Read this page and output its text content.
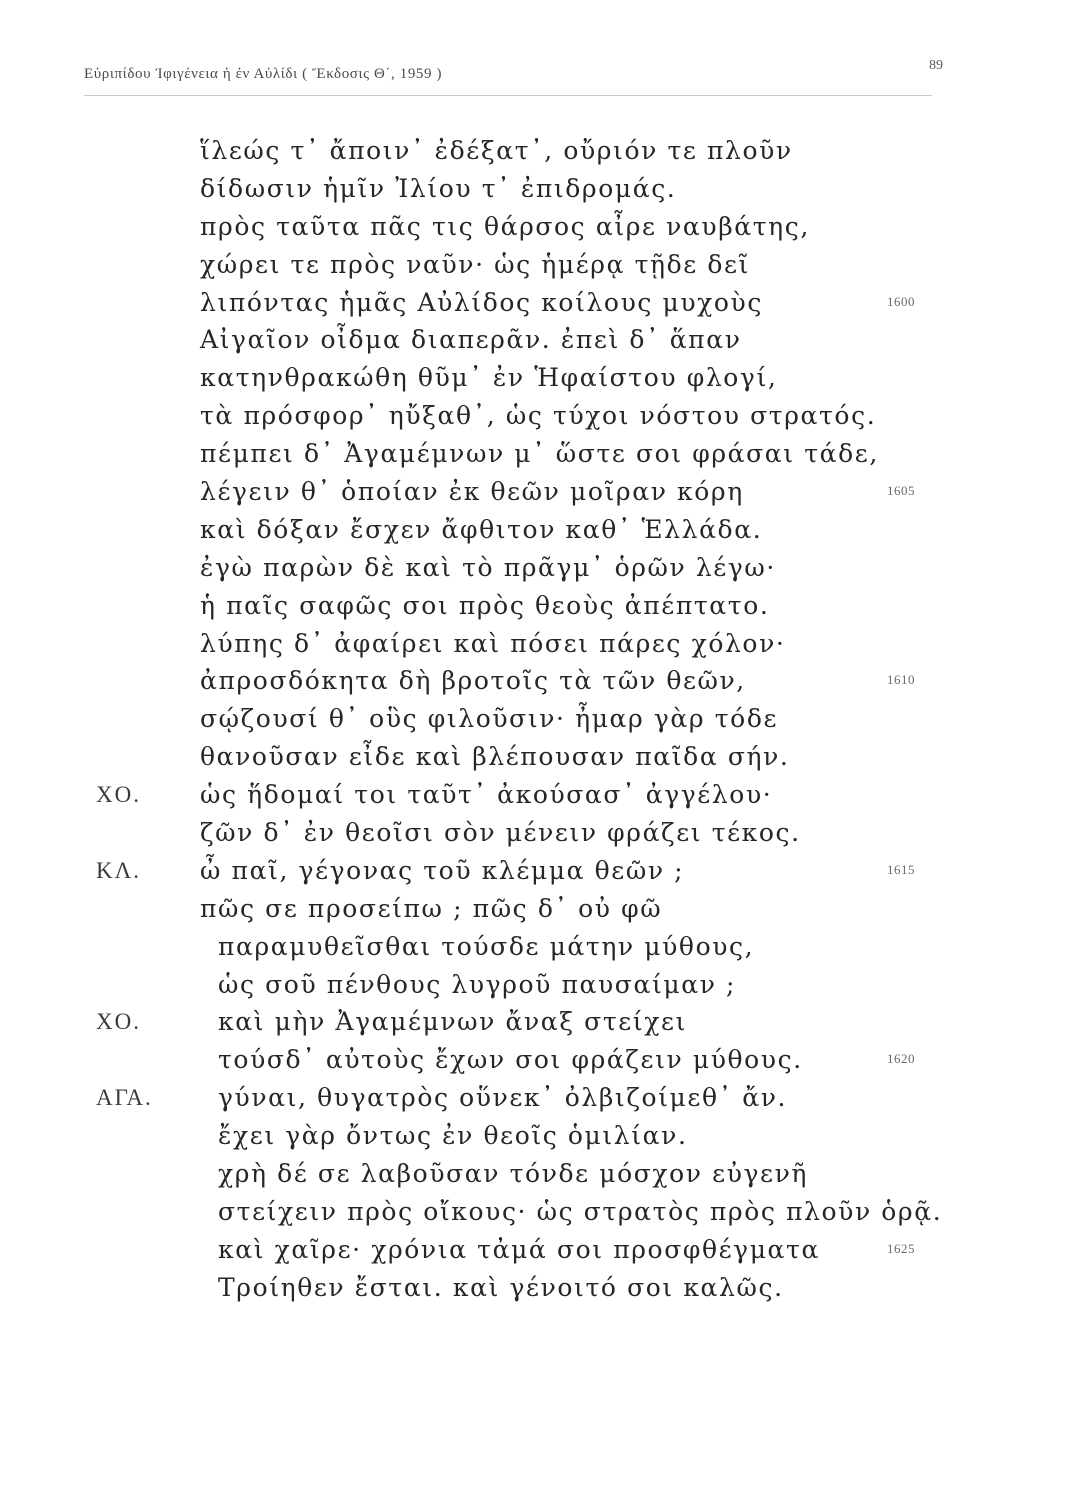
Εὐριπίδου Ἰφιγένεια ἡ ἐν Αὐλίδι ( Ἔκδοσις Θ΄, 1959 )
89
ἵλεώς τ᾽ ἄποιν᾽ ἐδέξατ᾽, οὔριόν τε πλοῦν
δίδωσιν ἡμῖν Ἰλίου τ᾽ ἐπιδρομάς.
πρὸς ταῦτα πᾶς τις θάρσος αἶρε ναυβάτης,
χώρει τε πρὸς ναῦν· ὡς ἡμέρᾳ τῇδε δεῖ
λιπόντας ἡμᾶς Αὐλίδος κοίλους μυχοὺς	1600
Αἰγαῖον οἶδμα διαπερᾶν. ἐπεὶ δ᾽ ἅπαν
κατηνθρακώθη θῦμ᾽ ἐν Ἡφαίστου φλογί,
τὰ πρόσφορ᾽ ηὔξαθ᾽, ὡς τύχοι νόστου στρατός.
πέμπει δ᾽ Ἀγαμέμνων μ᾽ ὥστε σοι φράσαι τάδε,
λέγειν θ᾽ ὁποίαν ἐκ θεῶν μοῖραν κόρη	1605
καὶ δόξαν ἔσχεν ἄφθιτον καθ᾽ Ἑλλάδα.
ἐγὼ παρὼν δὲ καὶ τὸ πρᾶγμ᾽ ὁρῶν λέγω·
ἡ παῖς σαφῶς σοι πρὸς θεοὺς ἀπέπτατο.
λύπης δ᾽ ἀφαίρει καὶ πόσει πάρες χόλον·
ἀπροσδόκητα δὴ βροτοῖς τὰ τῶν θεῶν,	1610
σῴζουσί θ᾽ οὓς φιλοῦσιν· ἦμαρ γὰρ τόδε
θανοῦσαν εἶδε καὶ βλέπουσαν παῖδα σήν.
ΧΟ. ὡς ἥδομαί τοι ταῦτ᾽ ἀκούσασ᾽ ἀγγέλου·
ζῶν δ᾽ ἐν θεοῖσι σὸν μένειν φράζει τέκος.
ΚΛ. ὦ παῖ, γέγονας τοῦ κλέμμα θεῶν ;	1615
πῶς σε προσείπω ; πῶς δ᾽ οὐ φῶ
παραμυθεῖσθαι τούσδε μάτην μύθους,
ὡς σοῦ πένθους λυγροῦ παυσαίμαν ;
ΧΟ.	καὶ μὴν Ἀγαμέμνων ἄναξ στείχει
τούσδ᾽ αὐτοὺς ἔχων σοι φράζειν μύθους.	1620
ΑΓΑ.	γύναι, θυγατρὸς οὕνεκ᾽ ὀλβιζοίμεθ᾽ ἄν.
ἔχει γὰρ ὄντως ἐν θεοῖς ὁμιλίαν.
χρὴ δέ σε λαβοῦσαν τόνδε μόσχον εὐγενῆ
στείχειν πρὸς οἴκους· ὡς στρατὸς πρὸς πλοῦν ὁρᾷ.
καὶ χαῖρε· χρόνια τἀμά σοι προσφθέγματα	1625
Τροίηθεν ἔσται. καὶ γένοιτό σοι καλῶς.
